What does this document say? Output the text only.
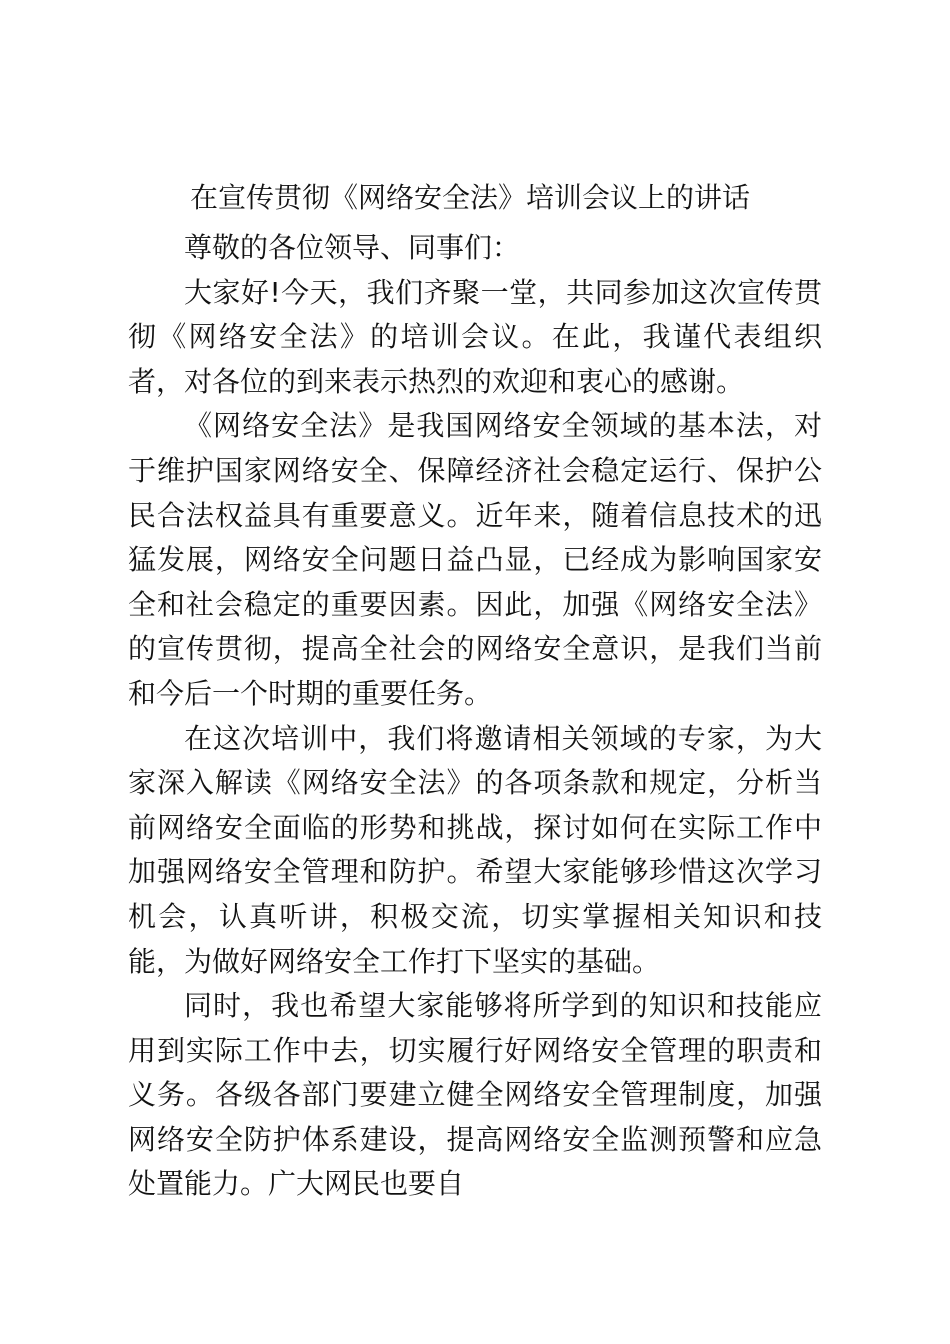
在宣传贯彻《网络安全法》培训会议上的讲话

尊敬的各位领导、同事们：

大家好!今天，我们齐聚一堂，共同参加这次宣传贯彻《网络安全法》的培训会议。在此，我谨代表组织者，对各位的到来表示热烈的欢迎和衷心的感谢。

《网络安全法》是我国网络安全领域的基本法，对于维护国家网络安全、保障经济社会稳定运行、保护公民合法权益具有重要意义。近年来，随着信息技术的迅猛发展，网络安全问题日益凸显，已经成为影响国家安全和社会稳定的重要因素。因此，加强《网络安全法》的宣传贯彻，提高全社会的网络安全意识，是我们当前和今后一个时期的重要任务。

在这次培训中，我们将邀请相关领域的专家，为大家深入解读《网络安全法》的各项条款和规定，分析当前网络安全面临的形势和挑战，探讨如何在实际工作中加强网络安全管理和防护。希望大家能够珍惜这次学习机会，认真听讲，积极交流，切实掌握相关知识和技能，为做好网络安全工作打下坚实的基础。

同时，我也希望大家能够将所学到的知识和技能应用到实际工作中去，切实履行好网络安全管理的职责和义务。各级各部门要建立健全网络安全管理制度，加强网络安全防护体系建设，提高网络安全监测预警和应急处置能力。广大网民也要自
